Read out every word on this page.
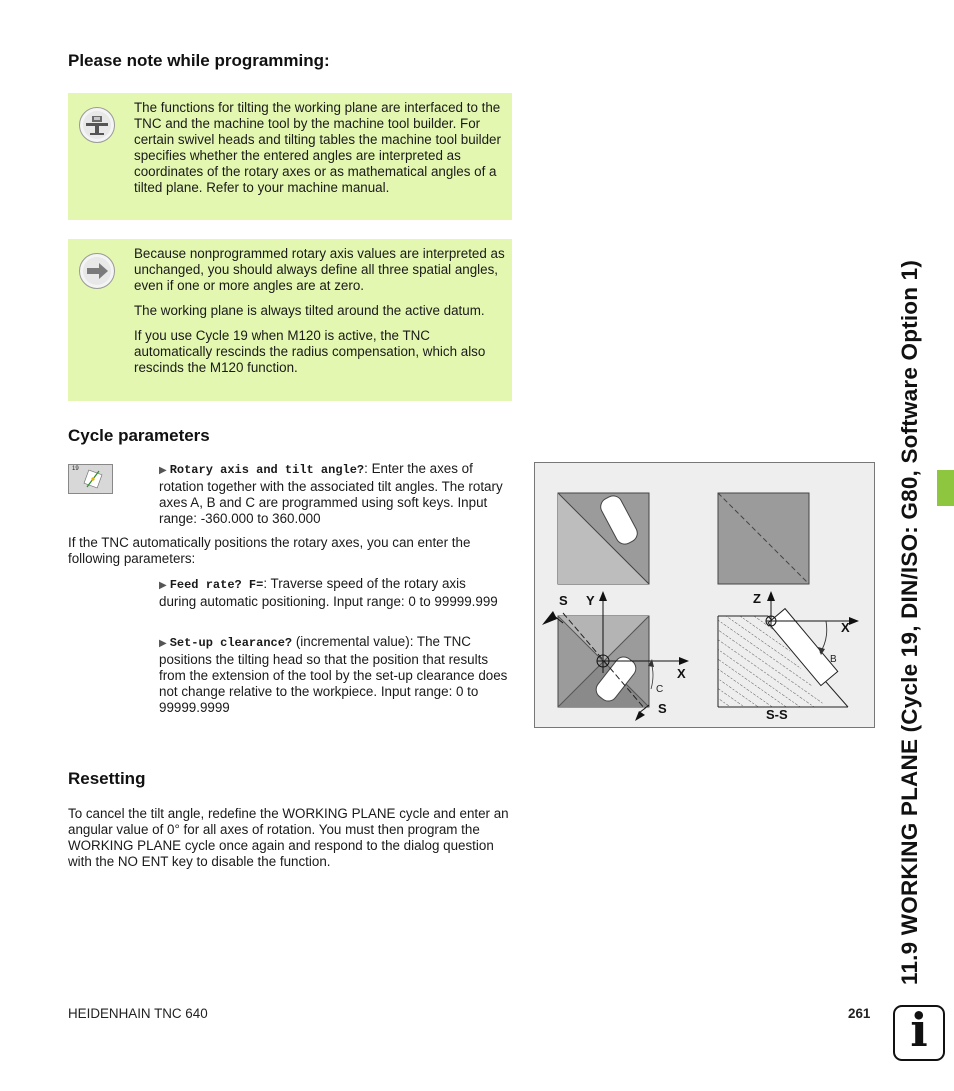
Please note while programming:

The functions for tilting the working plane are interfaced to the TNC and the machine tool by the machine tool builder. For certain swivel heads and tilting tables the machine tool builder specifies whether the entered angles are interpreted as coordinates of the rotary axes or as mathematical angles of a tilted plane. Refer to your machine manual.

Because nonprogrammed rotary axis values are interpreted as unchanged, you should always define all three spatial angles, even if one or more angles are at zero.

The working plane is always tilted around the active datum.

If you use Cycle 19 when M120 is active, the TNC automatically rescinds the radius compensation, which also rescinds the M120 function.

Cycle parameters
19	▶ Rotary axis and tilt angle?: Enter the axes of rotation together with the associated tilt angles. The rotary axes A, B and C are programmed using soft keys. Input range: -360.000 to 360.000
If the TNC automatically positions the rotary axes, you can enter the following parameters:
▶ Feed rate? F=: Traverse speed of the rotary axis during automatic positioning. Input range: 0 to 99999.999
▶ Set-up clearance? (incremental value): The TNC positions the tilting head so that the position that results from the extension of the tool by the set-up clearance does not change relative to the workpiece. Input range: 0 to 99999.9999
S Y
X
S
C
Z
X
B
S-S
Resetting
To cancel the tilt angle, redefine the WORKING PLANE cycle and enter an angular value of 0° for all axes of rotation. You must then program the WORKING PLANE cycle once again and respond to the dialog question with the NO ENT key to disable the function.	11.9 WORKING PLANE (Cycle 19, DIN/ISO: G80, Software Option 1)
HEIDENHAIN TNC 640	261 i
